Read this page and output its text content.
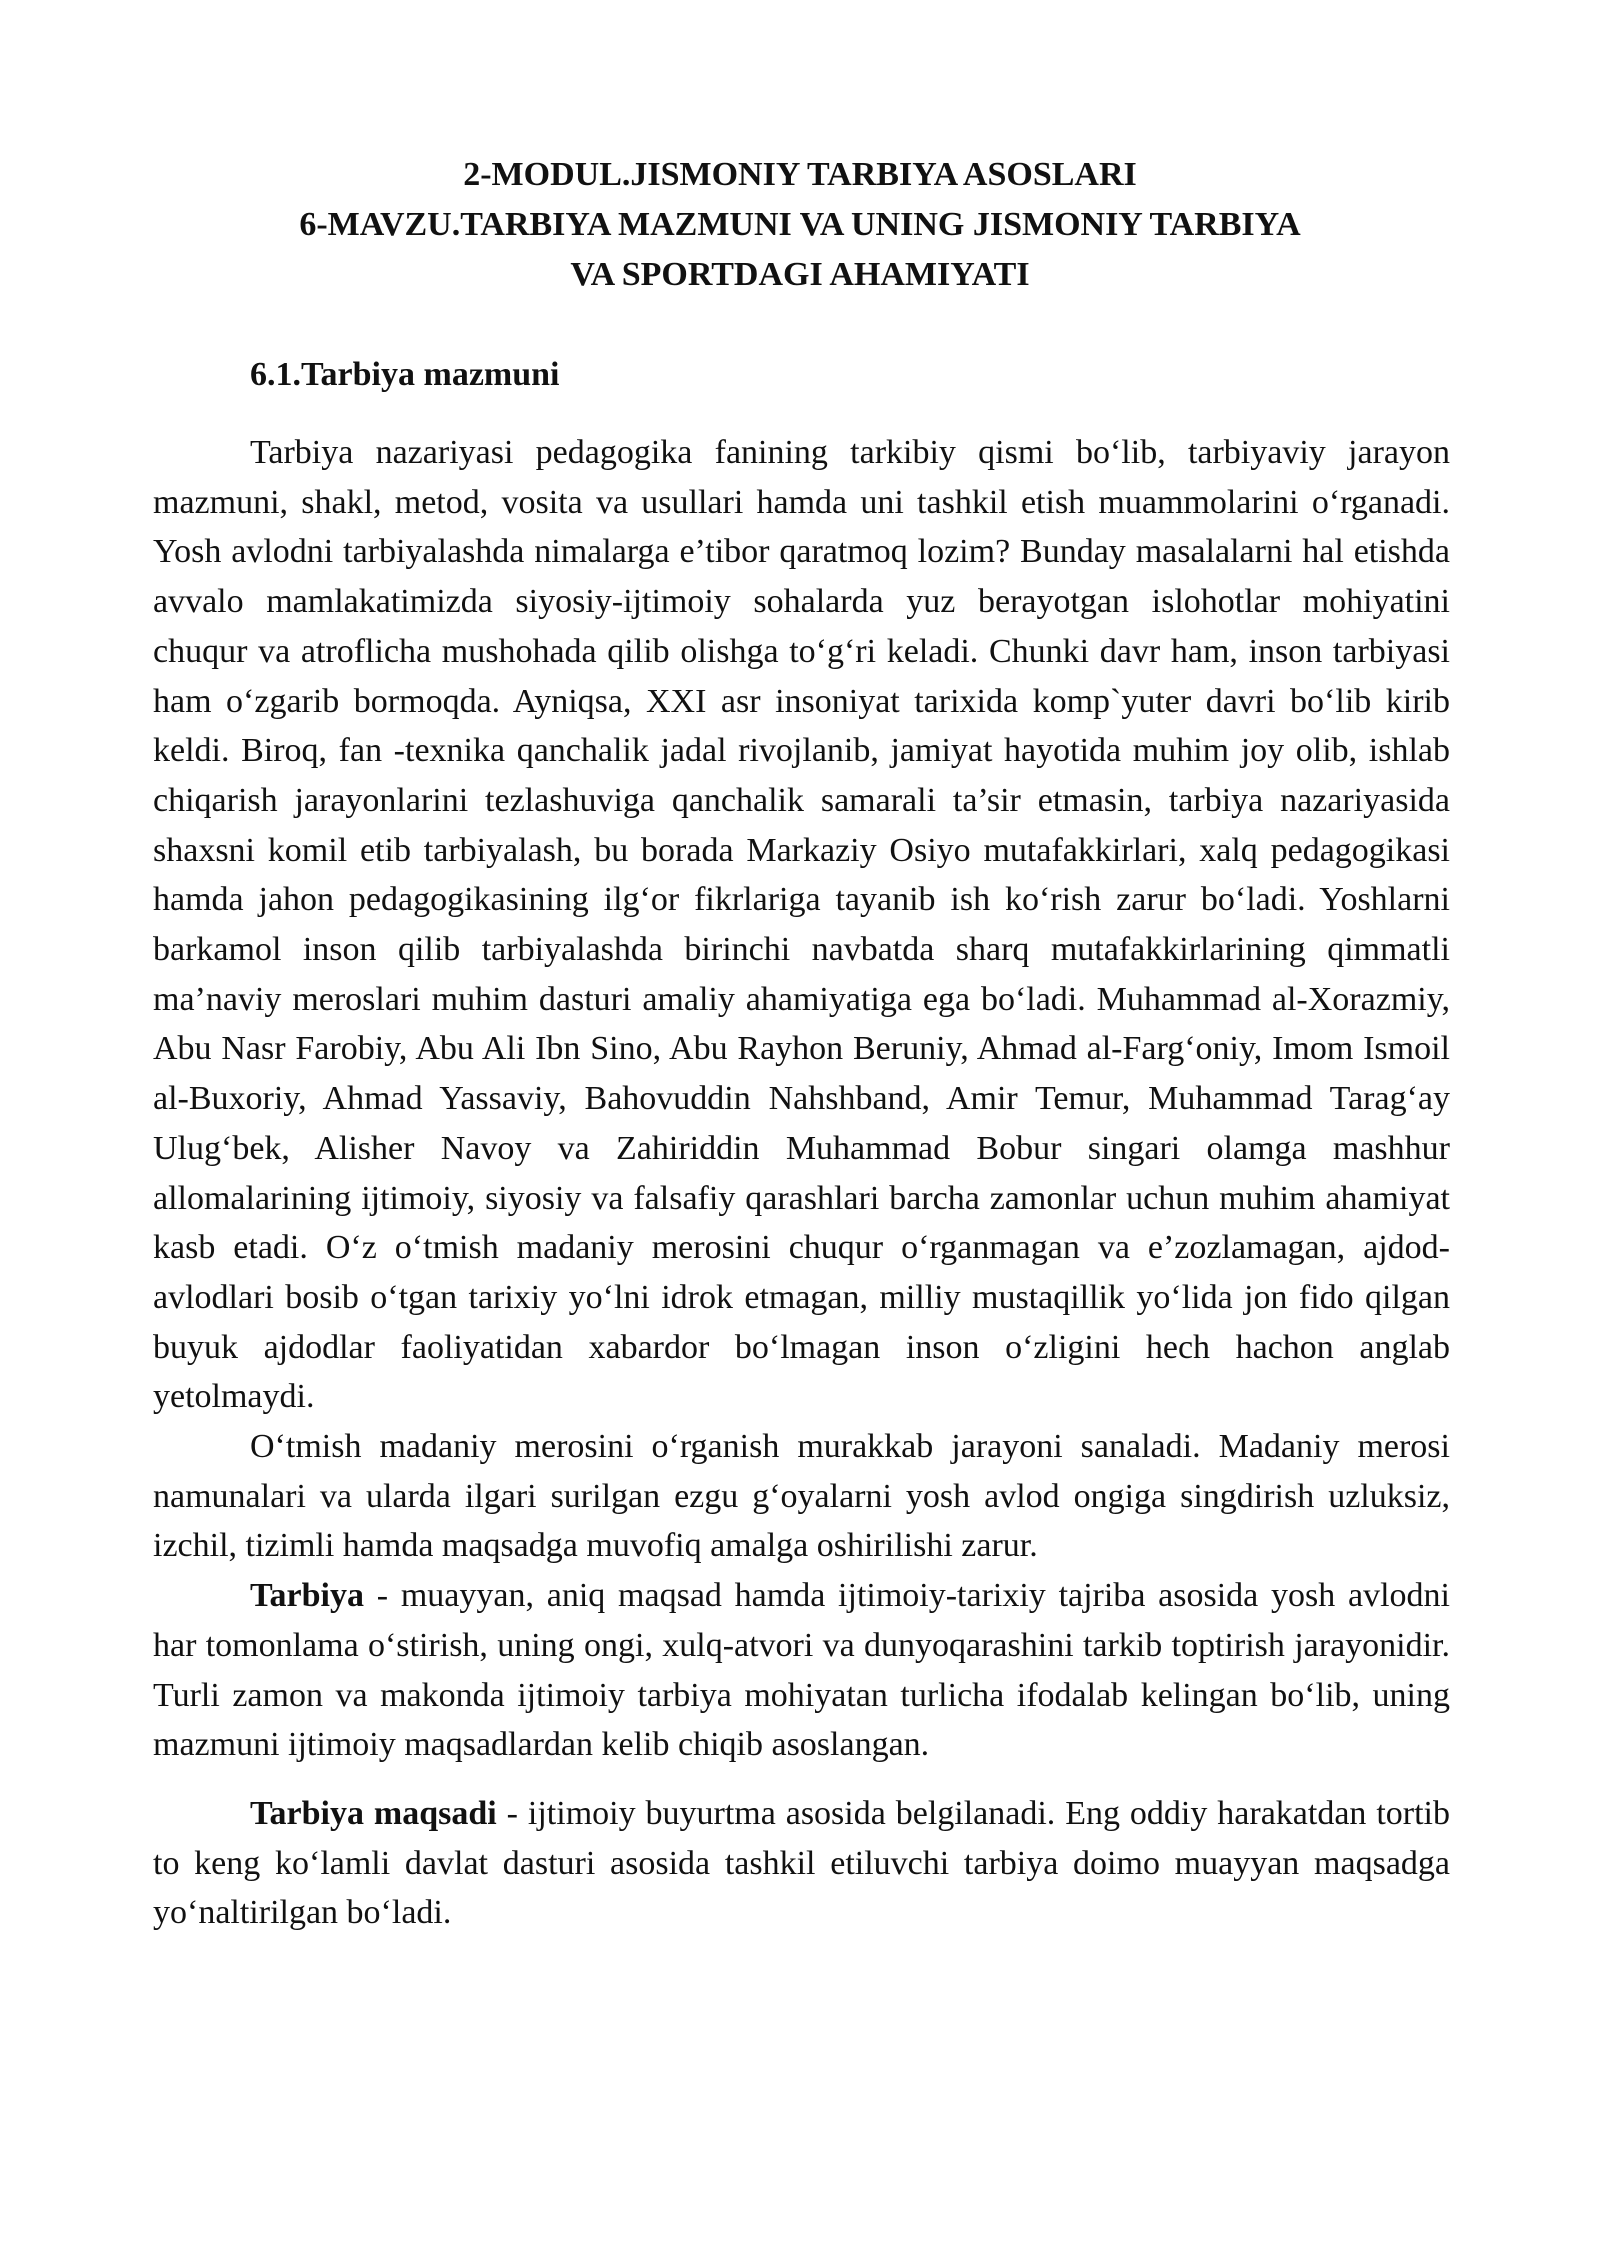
2-MODUL.JISMONIY TARBIYA ASOSLARI
6-MAVZU.TARBIYA MAZMUNI VA UNING JISMONIY TARBIYA
VA SPORTDAGI AHAMIYATI
6.1.Tarbiya mazmuni

Tarbiya nazariyasi pedagogika fanining tarkibiy qismi bo‘lib, tarbiyaviy jarayon mazmuni, shakl, metod, vosita va usullari hamda uni tashkil etish muammolarini o‘rganadi. Yosh avlodni tarbiyalashda nimalarga e’tibor qaratmoq lozim? Bunday masalalarni hal etishda avvalo mamlakatimizda siyosiy-ijtimoiy sohalarda yuz berayotgan islohotlar mohiyatini chuqur va atroflicha mushohada qilib olishga to‘g‘ri keladi. Chunki davr ham, inson tarbiyasi ham o‘zgarib bormoqda. Ayniqsa, XXI asr insoniyat tarixida komp`yuter davri bo‘lib kirib keldi. Biroq, fan -texnika qanchalik jadal rivojlanib, jamiyat hayotida muhim joy olib, ishlab chiqarish jarayonlarini tezlashuviga qanchalik samarali ta’sir etmasin, tarbiya nazariyasida shaxsni komil etib tarbiyalash, bu borada Markaziy Osiyo mutafakkirlari, xalq pedagogikasi hamda jahon pedagogikasining ilg‘or fikrlariga tayanib ish ko‘rish zarur bo‘ladi. Yoshlarni barkamol inson qilib tarbiyalashda birinchi navbatda sharq mutafakkirlarining qimmatli ma’naviy meroslari muhim dasturi amaliy ahamiyatiga ega bo‘ladi. Muhammad al-Xorazmiy, Abu Nasr Farobiy, Abu Ali Ibn Sino, Abu Rayhon Beruniy, Ahmad al-Farg‘oniy, Imom Ismoil al-Buxoriy, Ahmad Yassaviy, Bahovuddin Nahshband, Amir Temur, Muhammad Tarag‘ay Ulug‘bek, Alisher Navoy va Zahiriddin Muhammad Bobur singari olamga mashhur allomalarining ijtimoiy, siyosiy va falsafiy qarashlari barcha zamonlar uchun muhim ahamiyat kasb etadi. O‘z o‘tmish madaniy merosini chuqur o‘rganmagan va e’zozlamagan, ajdod-avlodlari bosib o‘tgan tarixiy yo‘lni idrok etmagan, milliy mustaqillik yo‘lida jon fido qilgan buyuk ajdodlar faoliyatidan xabardor bo‘lmagan inson o‘zligini hech hachon anglab yetolmaydi.

O‘tmish madaniy merosini o‘rganish murakkab jarayoni sanaladi. Madaniy merosi namunalari va ularda ilgari surilgan ezgu g‘oyalarni yosh avlod ongiga singdirish uzluksiz, izchil, tizimli hamda maqsadga muvofiq amalga oshirilishi zarur.

Tarbiya - muayyan, aniq maqsad hamda ijtimoiy-tarixiy tajriba asosida yosh avlodni har tomonlama o‘stirish, uning ongi, xulq-atvori va dunyoqarashini tarkib toptirish jarayonidir. Turli zamon va makonda ijtimoiy tarbiya mohiyatan turlicha ifodalab kelingan bo‘lib, uning mazmuni ijtimoiy maqsadlardan kelib chiqib asoslangan.

Tarbiya maqsadi - ijtimoiy buyurtma asosida belgilanadi. Eng oddiy harakatdan tortib to keng ko‘lamli davlat dasturi asosida tashkil etiluvchi tarbiya doimo muayyan maqsadga yo‘naltirilgan bo‘ladi.
